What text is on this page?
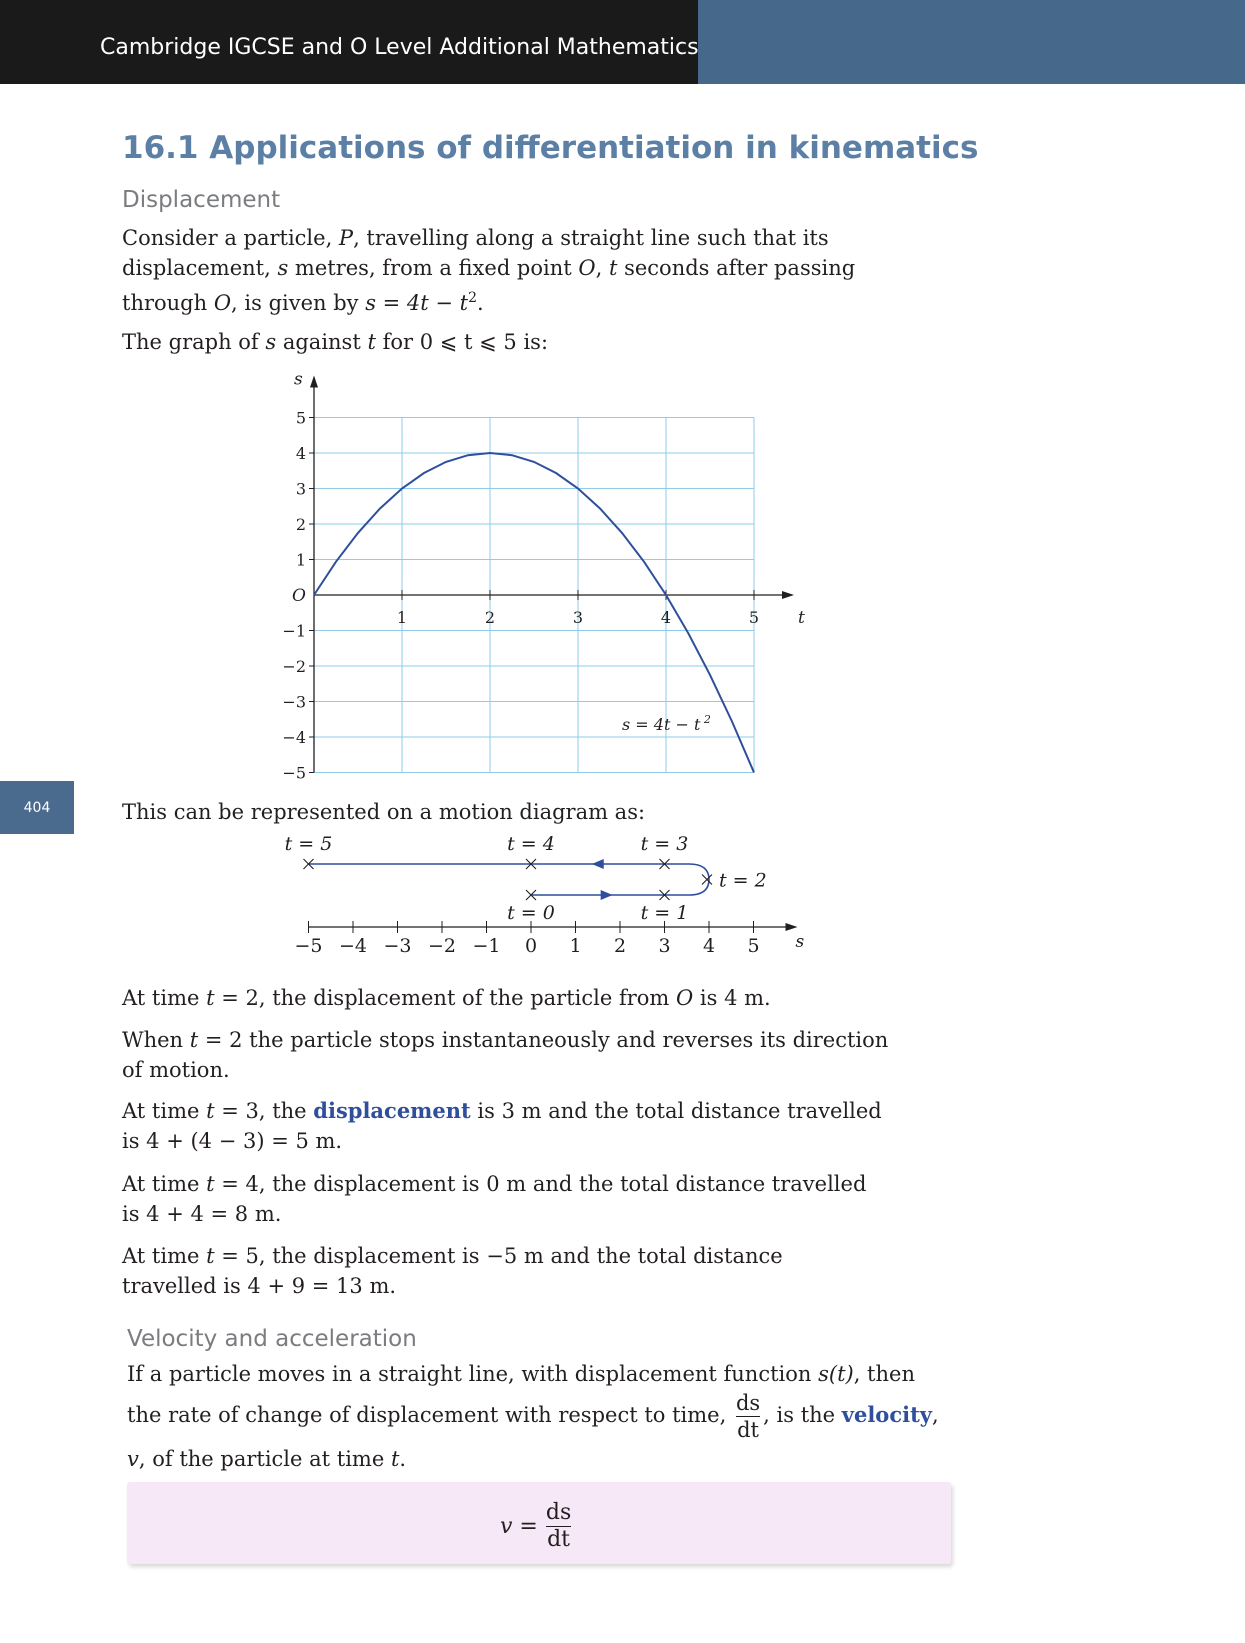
Cambridge IGCSE and O Level Additional Mathematics
404
16.1 Applications of differentiation in kinematics
Displacement
Consider a particle, P, travelling along a straight line such that its displacement, s metres, from a fixed point O, t seconds after passing through O, is given by $s = 4t - t^2$.
The graph of s against t for 0 ⩽ t ⩽ 5 is:
s
t
O
5
4
3
2
1
−1
−2
−3
−4
−5
1	2	3	4	5
s = 4t − t $^2$
This can be represented on a motion diagram as:
−5 −4 −3 −2 −1 0 1 2 3 4 5 s
t = 0	t = 1
t = 2
t = 3
t = 4
t = 5
At time t = 2, the displacement of the particle from O is 4 m.
When t = 2 the particle stops instantaneously and reverses its direction of motion.
At time t = 3, the displacement is 3 m and the total distance travelled is 4 + (4 − 3) = 5 m.
At time t = 4, the displacement is 0 m and the total distance travelled is 4 + 4 = 8 m.
At time t = 5, the displacement is −5 m and the total distance travelled is 4 + 9 = 13 m.
Velocity and acceleration
If a particle moves in a straight line, with displacement function s(t), then the rate of change of displacement with respect to time, $\frac{ds}{dt}$ , is the velocity, v, of the particle at time t.
$v = \frac{ds}{dt}$
